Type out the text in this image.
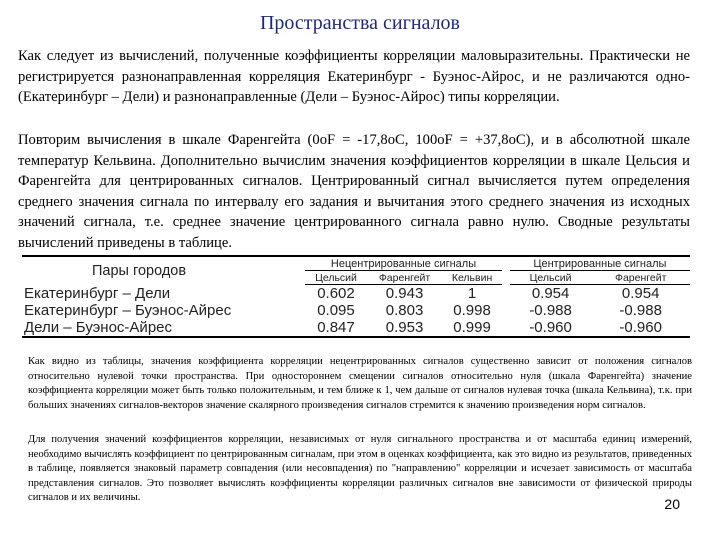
Пространства сигналов

Как следует из вычислений, полученные коэффициенты корреляции маловыразительны. Практически не регистрируется разнонаправленная корреляция Екатеринбург - Буэнос-Айрос, и не различаются одно- (Екатеринбург – Дели) и разнонаправленные (Дели – Буэнос-Айрос) типы корреляции.

Повторим вычисления в шкале Фаренгейта (0оF = -17,8оC, 100оF = +37,8оC), и в абсолютной шкале температур Кельвина. Дополнительно вычислим значения коэффициентов корреляции в шкале Цельсия и Фаренгейта для центрированных сигналов. Центрированный сигнал вычисляется путем определения среднего значения сигнала по интервалу его задания и вычитания этого среднего значения из исходных значений сигнала, т.е. среднее значение центрированного сигнала равно нулю. Сводные результаты вычислений приведены в таблице.

Пары городов	Нецентрированные сигналы				Центрированные сигналы	
	Цельсий	Фаренгейт	Кельвин		Цельсий	Фаренгейт
Екатеринбург – Дели	0.602	0.943	1		0.954	0.954
Екатеринбург – Буэнос-Айрес	0.095	0.803	0.998		-0.988	-0.988
Дели – Буэнос-Айрес	0.847	0.953	0.999		-0.960	-0.960

Как видно из таблицы, значения коэффициента корреляции нецентрированных сигналов существенно зависит от положения сигналов относительно нулевой точки пространства. При одностороннем смещении сигналов относительно нуля (шкала Фаренгейта) значение коэффициента корреляции может быть только положительным, и тем ближе к 1, чем дальше от сигналов нулевая точка (шкала Кельвина), т.к. при больших значениях сигналов-векторов значение скалярного произведения сигналов стремится к значению произведения норм сигналов.

Для получения значений коэффициентов корреляции, независимых от нуля сигнального пространства и от масштаба единиц измерений, необходимо вычислять коэффициент по центрированным сигналам, при этом в оценках коэффициента, как это видно из результатов, приведенных в таблице, появляется знаковый параметр совпадения (или несовпадения) по "направлению" корреляции и исчезает зависимость от масштаба представления сигналов. Это позволяет вычислять коэффициенты корреляции различных сигналов вне зависимости от физической природы сигналов и их величины.	20
